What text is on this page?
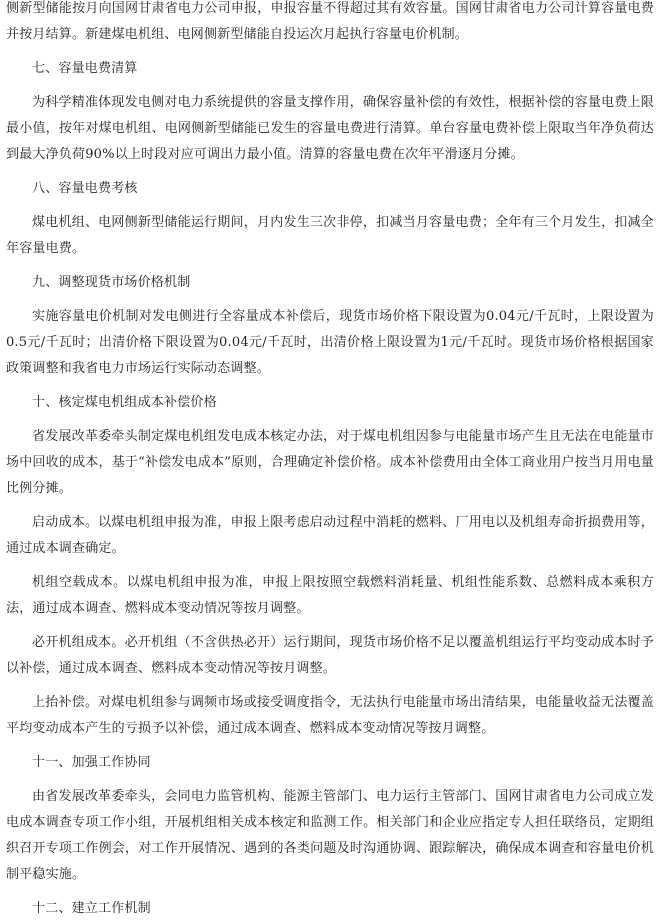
侧新型储能按月向国网甘肃省电力公司申报，申报容量不得超过其有效容量。国网甘肃省电力公司计算容量电费并按月结算。新建煤电机组、电网侧新型储能自投运次月起执行容量电价机制。

七、容量电费清算

为科学精准体现发电侧对电力系统提供的容量支撑作用，确保容量补偿的有效性，根据补偿的容量电费上限最小值，按年对煤电机组、电网侧新型储能已发生的容量电费进行清算。单台容量电费补偿上限取当年净负荷达到最大净负荷90%以上时段对应可调出力最小值。清算的容量电费在次年平滑逐月分摊。

八、容量电费考核

煤电机组、电网侧新型储能运行期间，月内发生三次非停，扣减当月容量电费；全年有三个月发生，扣减全年容量电费。

九、调整现货市场价格机制

实施容量电价机制对发电侧进行全容量成本补偿后，现货市场价格下限设置为0.04元/千瓦时，上限设置为0.5元/千瓦时；出清价格下限设置为0.04元/千瓦时，出清价格上限设置为1元/千瓦时。现货市场价格根据国家政策调整和我省电力市场运行实际动态调整。

十、核定煤电机组成本补偿价格

省发展改革委牵头制定煤电机组发电成本核定办法，对于煤电机组因参与电能量市场产生且无法在电能量市场中回收的成本，基于“补偿发电成本”原则，合理确定补偿价格。成本补偿费用由全体工商业用户按当月用电量比例分摊。

启动成本。以煤电机组申报为准，申报上限考虑启动过程中消耗的燃料、厂用电以及机组寿命折损费用等，通过成本调查确定。

机组空载成本。以煤电机组申报为准，申报上限按照空载燃料消耗量、机组性能系数、总燃料成本乘积方法，通过成本调查、燃料成本变动情况等按月调整。

必开机组成本。必开机组（不含供热必开）运行期间，现货市场价格不足以覆盖机组运行平均变动成本时予以补偿，通过成本调查、燃料成本变动情况等按月调整。

上抬补偿。对煤电机组参与调频市场或接受调度指令，无法执行电能量市场出清结果，电能量收益无法覆盖平均变动成本产生的亏损予以补偿，通过成本调查、燃料成本变动情况等按月调整。

十一、加强工作协同

由省发展改革委牵头，会同电力监管机构、能源主管部门、电力运行主管部门、国网甘肃省电力公司成立发电成本调查专项工作小组，开展机组相关成本核定和监测工作。相关部门和企业应指定专人担任联络员，定期组织召开专项工作例会，对工作开展情况、遇到的各类问题及时沟通协调、跟踪解决，确保成本调查和容量电价机制平稳实施。

十二、建立工作机制
